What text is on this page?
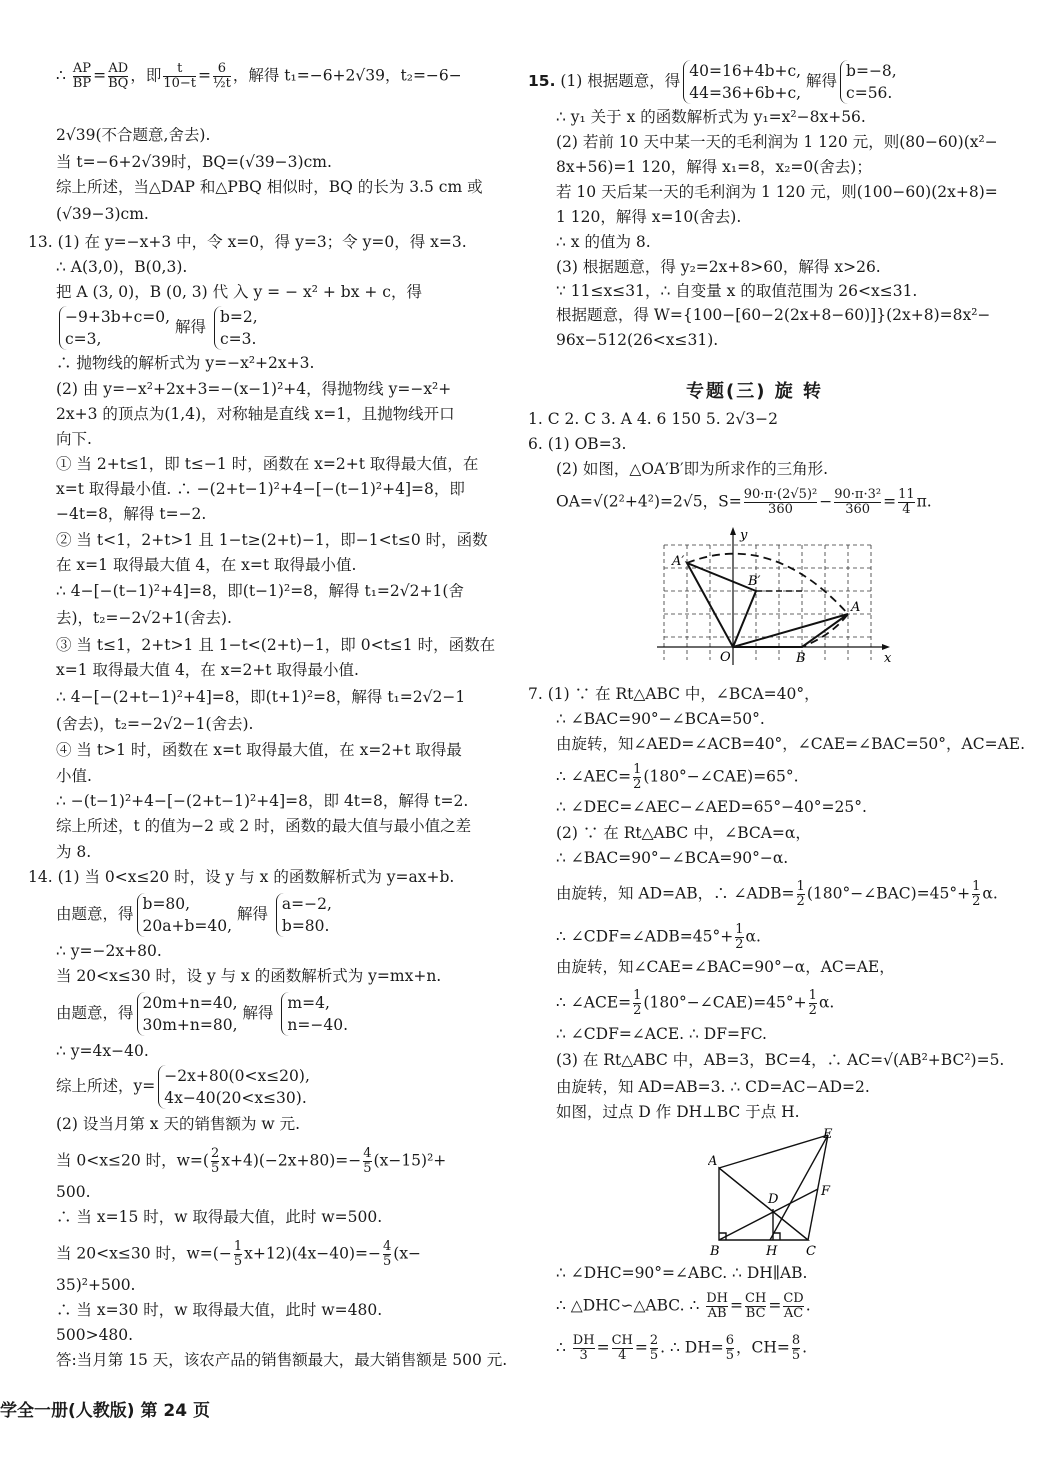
∴ $\frac{AP}{BP} = \frac{AD}{BQ}$ ，即 $\frac{t}{10-t} = \frac{6}{\text{½t}}$ ，解得 t₁=−6+2√39，t₂=−6−
2√39(不合题意,舍去).
当 t=−6+2√39时，BQ=(√39−3)cm.
综上所述，当△DAP 和△PBQ 相似时，BQ 的长为 3.5 cm 或
(√39−3)cm.
13. (1) 在 y=−x+3 中，令 x=0，得 y=3；令 y=0，得 x=3.
∴ A(3,0)，B(0,3).
把 A (3, 0)，B (0, 3) 代 入 y = − x² + bx + c，得
−9+3b+c=0,
c=3, 解得 b=2,
c=3.
∴ 抛物线的解析式为 y=−x²+2x+3.
(2) 由 y=−x²+2x+3=−(x−1)²+4，得抛物线 y=−x²+
2x+3 的顶点为(1,4)，对称轴是直线 x=1，且抛物线开口
向下.
① 当 2+t≤1，即 t≤−1 时，函数在 x=2+t 取得最大值，在
x=t 取得最小值. ∴ −(2+t−1)²+4−[−(t−1)²+4]=8，即
−4t=8，解得 t=−2.
② 当 t<1，2+t>1 且 1−t≥(2+t)−1，即−1<t≤0 时，函数
在 x=1 取得最大值 4，在 x=t 取得最小值.
∴ 4−[−(t−1)²+4]=8，即(t−1)²=8，解得 t₁=2√2+1(舍
去)，t₂=−2√2+1(舍去).
③ 当 t≤1，2+t>1 且 1−t<(2+t)−1，即 0<t≤1 时，函数在
x=1 取得最大值 4，在 x=2+t 取得最小值.
∴ 4−[−(2+t−1)²+4]=8，即(t+1)²=8，解得 t₁=2√2−1
(舍去)，t₂=−2√2−1(舍去).
④ 当 t>1 时，函数在 x=t 取得最大值，在 x=2+t 取得最
小值.
∴ −(t−1)²+4−[−(2+t−1)²+4]=8，即 4t=8，解得 t=2.
综上所述，t 的值为−2 或 2 时，函数的最大值与最小值之差
为 8.
14. (1) 当 0<x≤20 时，设 y 与 x 的函数解析式为 y=ax+b.
由题意，得b=80,
20a+b=40, 解得 a=−2,
b=80.
∴ y=−2x+80.
当 20<x≤30 时，设 y 与 x 的函数解析式为 y=mx+n.
由题意，得20m+n=40,
30m+n=80, 解得 m=4,
n=−40.
∴ y=4x−40.
综上所述，y=−2x+80(0<x≤20),
4x−40(20<x≤30).
(2) 设当月第 x 天的销售额为 w 元.
当 0<x≤20 时，$w=( \frac{2}{5} x+4)(-2x+80)=- \frac{4}{5} (x-15)^2+$
500.
∴ 当 x=15 时，w 取得最大值，此时 w=500.
当 20<x≤30 时，$w=(- \frac{1}{5} x+12)(4x-40)=- \frac{4}{5} (x-$
35)²+500.
∴ 当 x=30 时，w 取得最大值，此时 w=480.
500>480.
答:当月第 15 天，该农产品的销售额最大，最大销售额是 500 元.
15. (1) 根据题意，得40=16+4b+c,
44=36+6b+c, 解得b=−8,
c=56.
∴ y₁ 关于 x 的函数解析式为 y₁=x²−8x+56.
(2) 若前 10 天中某一天的毛利润为 1 120 元，则(80−60)(x²−
8x+56)=1 120，解得 x₁=8，x₂=0(舍去)；
若 10 天后某一天的毛利润为 1 120 元，则(100−60)(2x+8)=
1 120，解得 x=10(舍去).
∴ x 的值为 8.
(3) 根据题意，得 y₂=2x+8>60，解得 x>26.
∵ 11≤x≤31，∴ 自变量 x 的取值范围为 26<x≤31.
根据题意，得 W={100−[60−2(2x+8−60)]}(2x+8)=8x²−
96x−512(26<x≤31).
专题(三) 旋 转
1. C 2. C 3. A 4. 6 150 5. 2√3−2
6. (1) OB=3.
(2) 如图，△OA′B′即为所求作的三角形.
OA=√(2²+4²)=2√5，$S= \frac{\text{90·π·(2√5)²}}{360} - \frac{\text{90·π·3²}}{360} = \frac{11}{4} \pi$.
A′
B′
A
O	B
y
x
7. (1) ∵ 在 Rt△ABC 中，∠BCA=40°，
∴ ∠BAC=90°−∠BCA=50°.
由旋转，知∠AED=∠ACB=40°，∠CAE=∠BAC=50°，AC=AE.
∴ ∠AEC= $\frac{1}{2}$ (180°−∠CAE)=65°.
∴ ∠DEC=∠AEC−∠AED=65°−40°=25°.
(2) ∵ 在 Rt△ABC 中，∠BCA=α，
∴ ∠BAC=90°−∠BCA=90°−α.
由旋转，知 AD=AB，∴ ∠ADB= $\frac{1}{2}$ (180°−∠BAC)=45°+ $\frac{1}{2} \alpha$.
∴ ∠CDF=∠ADB=45°+ $\frac{1}{2} \alpha$.
由旋转，知∠CAE=∠BAC=90°−α，AC=AE，
∴ ∠ACE= $\frac{1}{2}$ (180°−∠CAE)=45°+ $\frac{1}{2} \alpha$.
∴ ∠CDF=∠ACE. ∴ DF=FC.
(3) 在 Rt△ABC 中，AB=3，BC=4，∴ AC=√(AB²+BC²)=5.
由旋转，知 AD=AB=3. ∴ CD=AC−AD=2.
如图，过点 D 作 DH⊥BC 于点 H.
E
A
D
F
B	H C
∴ ∠DHC=90°=∠ABC. ∴ DH∥AB.
∴ △DHC∽△ABC. ∴ $\frac{DH}{AB} = \frac{CH}{BC} = \frac{CD}{AC}$ .
∴ $\frac{DH}{3} = \frac{CH}{4} = \frac{2}{5}$ . ∴ $DH= \frac{6}{5}$ ，$CH= \frac{8}{5}$ .
学全一册(人教版) 第 24 页
